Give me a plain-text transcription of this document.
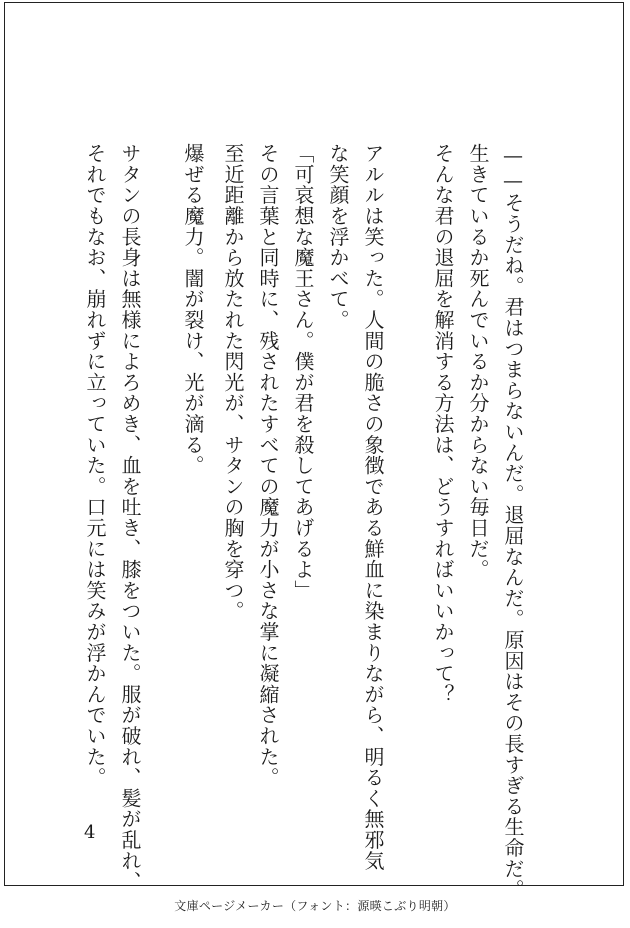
——そうだね。君はつまらないんだ。退屈なんだ。原因はその長すぎる生命だ。

生きているか死んでいるか分からない毎日だ。

そんな君の退屈を解消する方法は、どうすればいいかって？

アルルは笑った。人間の脆さの象徴である鮮血に染まりながら、明るく無邪気

な笑顔を浮かべて。

「可哀想な魔王さん。僕が君を殺してあげるよ」

その言葉と同時に、残されたすべての魔力が小さな掌に凝縮された。

至近距離から放たれた閃光が、サタンの胸を穿つ。

爆ぜる魔力。闇が裂け、光が滴る。

サタンの長身は無様によろめき、血を吐き、膝をついた。服が破れ、髪が乱れ、

それでもなお、崩れずに立っていた。口元には笑みが浮かんでいた。

4
文庫ページメーカー（フォント：源暎こぶり明朝）
